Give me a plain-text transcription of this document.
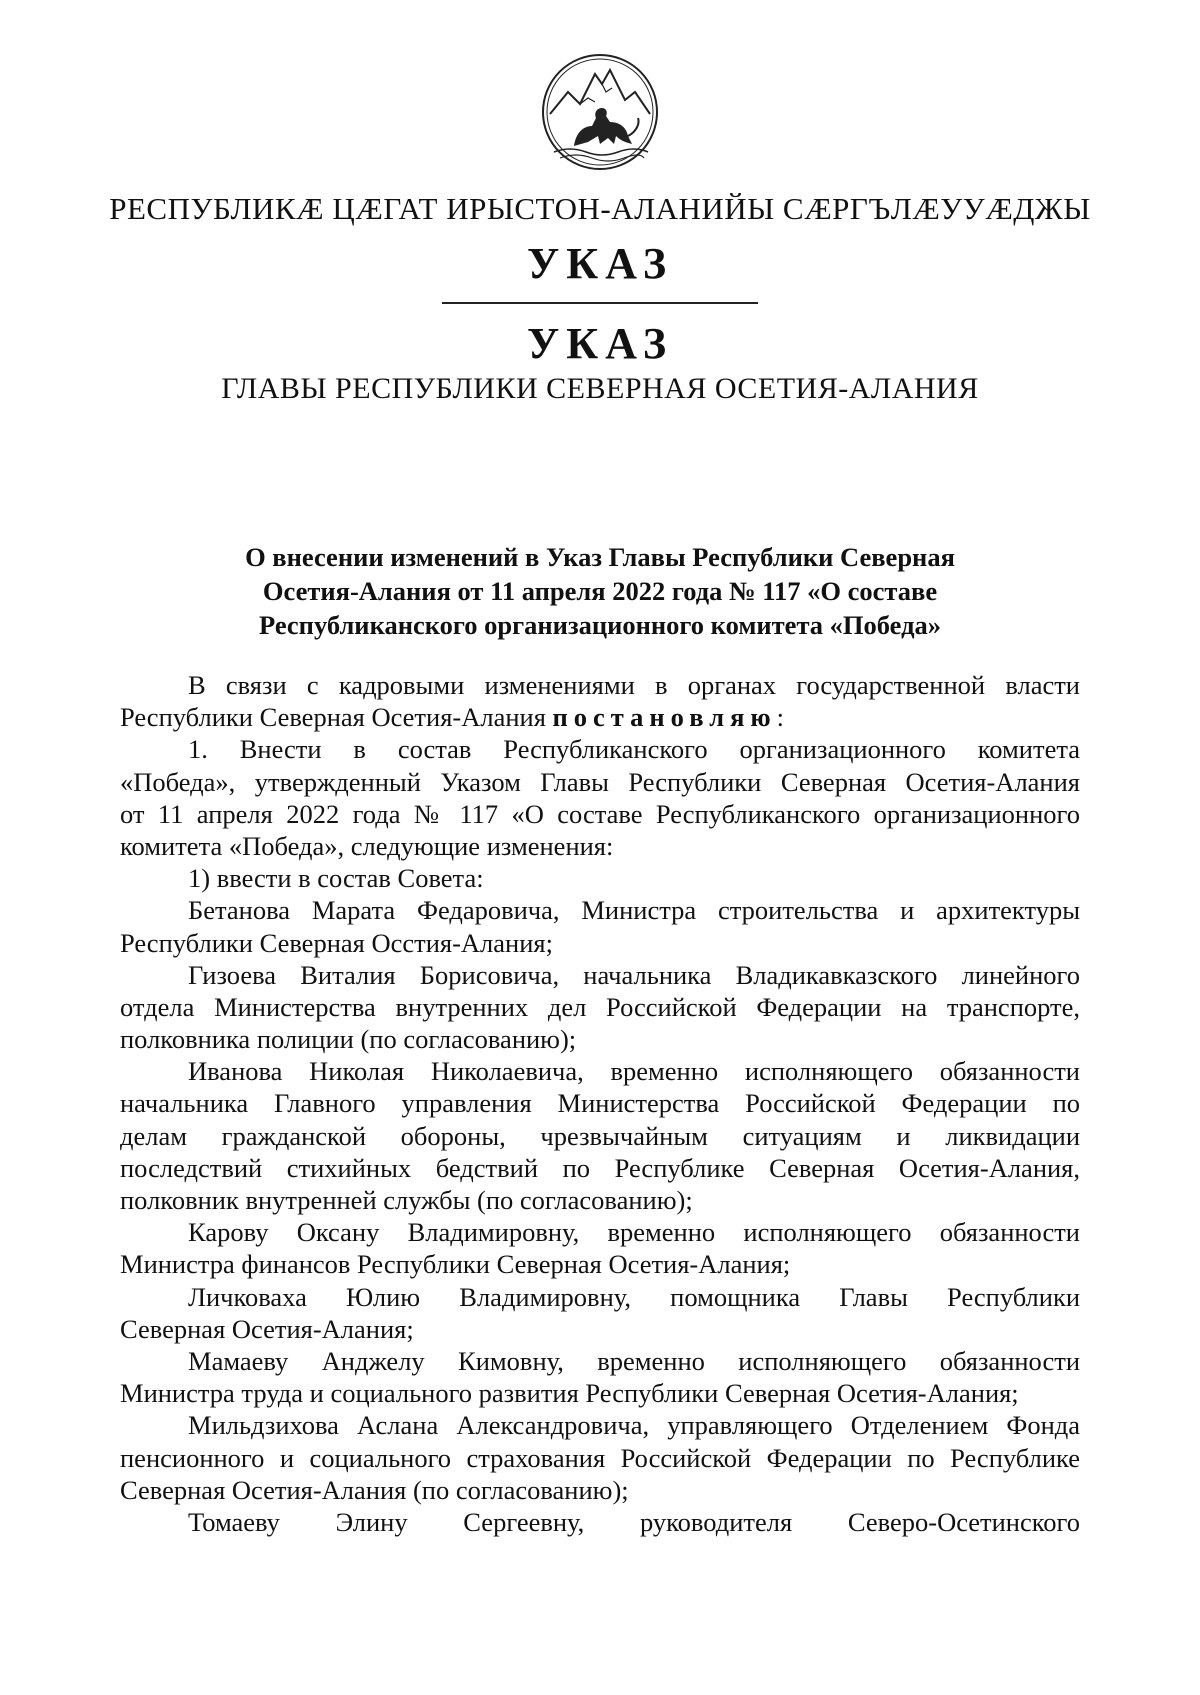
РЕСПУБЛИКӔ ЦӔГАТ ИРЫСТОН-АЛАНИЙЫ СӔРГЪЛӔУУӔДЖЫ
УКАЗ
УКАЗ
ГЛАВЫ РЕСПУБЛИКИ СЕВЕРНАЯ ОСЕТИЯ-АЛАНИЯ
О внесении изменений в Указ Главы Республики Северная
Осетия-Алания от 11 апреля 2022 года № 117 «О составе
Республиканского организационного комитета «Победа»
В связи с кадровыми изменениями в органах государственной власти
Республики Северная Осетия-Алания постановляю:
1. Внести в состав Республиканского организационного комитета
«Победа», утвержденный Указом Главы Республики Северная Осетия-Алания
от 11 апреля 2022 года № 117 «О составе Республиканского организационного
комитета «Победа», следующие изменения:
1) ввести в состав Совета:
Бетанова Марата Федаровича, Министра строительства и архитектуры
Республики Северная Осстия-Алания;
Гизоева Виталия Борисовича, начальника Владикавказского линейного
отдела Министерства внутренних дел Российской Федерации на транспорте,
полковника полиции (по согласованию);
Иванова Николая Николаевича, временно исполняющего обязанности
начальника Главного управления Министерства Российской Федерации по
делам гражданской обороны, чрезвычайным ситуациям и ликвидации
последствий стихийных бедствий по Республике Северная Осетия-Алания,
полковник внутренней службы (по согласованию);
Карову Оксану Владимировну, временно исполняющего обязанности
Министра финансов Республики Северная Осетия-Алания;
Личковаха Юлию Владимировну, помощника Главы Республики
Северная Осетия-Алания;
Мамаеву Анджелу Кимовну, временно исполняющего обязанности
Министра труда и социального развития Республики Северная Осетия-Алания;
Мильдзихова Аслана Александровича, управляющего Отделением Фонда
пенсионного и социального страхования Российской Федерации по Республике
Северная Осетия-Алания (по согласованию);
Томаеву Элину Сергеевну, руководителя Северо-Осетинского
